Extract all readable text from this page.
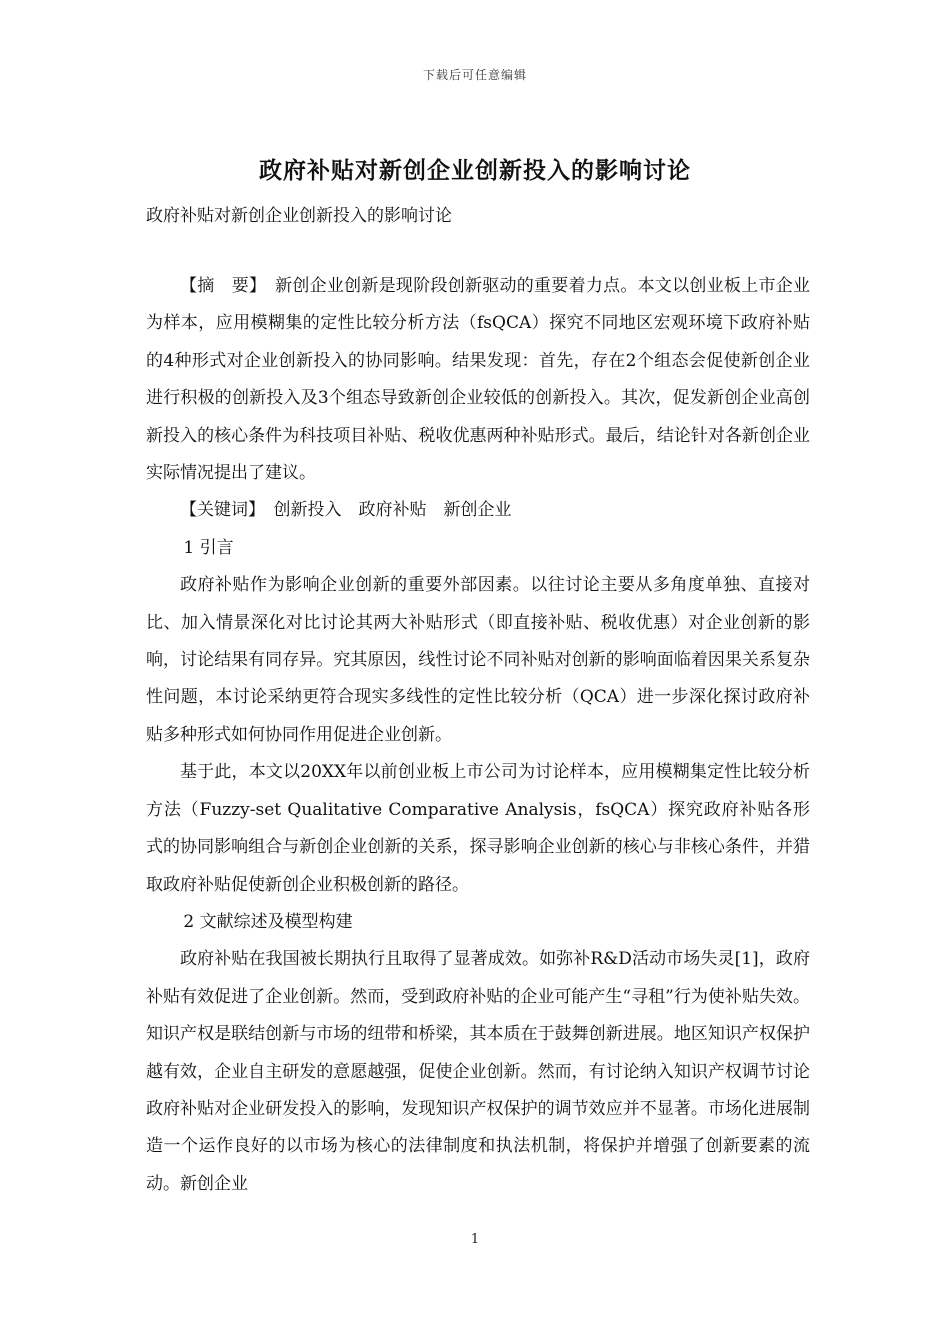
下载后可任意编辑
政府补贴对新创企业创新投入的影响讨论

政府补贴对新创企业创新投入的影响讨论

【摘　要】　新创企业创新是现阶段创新驱动的重要着力点。本文以创业板上市企业为样本，应用模糊集的定性比较分析方法（fsQCA）探究不同地区宏观环境下政府补贴的4种形式对企业创新投入的协同影响。结果发现：首先，存在2个组态会促使新创企业进行积极的创新投入及3个组态导致新创企业较低的创新投入。其次，促发新创企业高创新投入的核心条件为科技项目补贴、税收优惠两种补贴形式。最后，结论针对各新创企业实际情况提出了建议。

【关键词】　创新投入　政府补贴　新创企业

1 引言

政府补贴作为影响企业创新的重要外部因素。以往讨论主要从多角度单独、直接对比、加入情景深化对比讨论其两大补贴形式（即直接补贴、税收优惠）对企业创新的影响，讨论结果有同存异。究其原因，线性讨论不同补贴对创新的影响面临着因果关系复杂性问题，本讨论采纳更符合现实多线性的定性比较分析（QCA）进一步深化探讨政府补贴多种形式如何协同作用促进企业创新。

基于此，本文以20XX年以前创业板上市公司为讨论样本，应用模糊集定性比较分析方法（Fuzzy-set Qualitative Comparative Analysis，fsQCA）探究政府补贴各形式的协同影响组合与新创企业创新的关系，探寻影响企业创新的核心与非核心条件，并猎取政府补贴促使新创企业积极创新的路径。

2 文献综述及模型构建

政府补贴在我国被长期执行且取得了显著成效。如弥补R&D活动市场失灵[1]，政府补贴有效促进了企业创新。然而，受到政府补贴的企业可能产生“寻租”行为使补贴失效。知识产权是联结创新与市场的纽带和桥梁，其本质在于鼓舞创新进展。地区知识产权保护越有效，企业自主研发的意愿越强，促使企业创新。然而，有讨论纳入知识产权调节讨论政府补贴对企业研发投入的影响，发现知识产权保护的调节效应并不显著。市场化进展制造一个运作良好的以市场为核心的法律制度和执法机制，将保护并增强了创新要素的流动。新创企业

1
